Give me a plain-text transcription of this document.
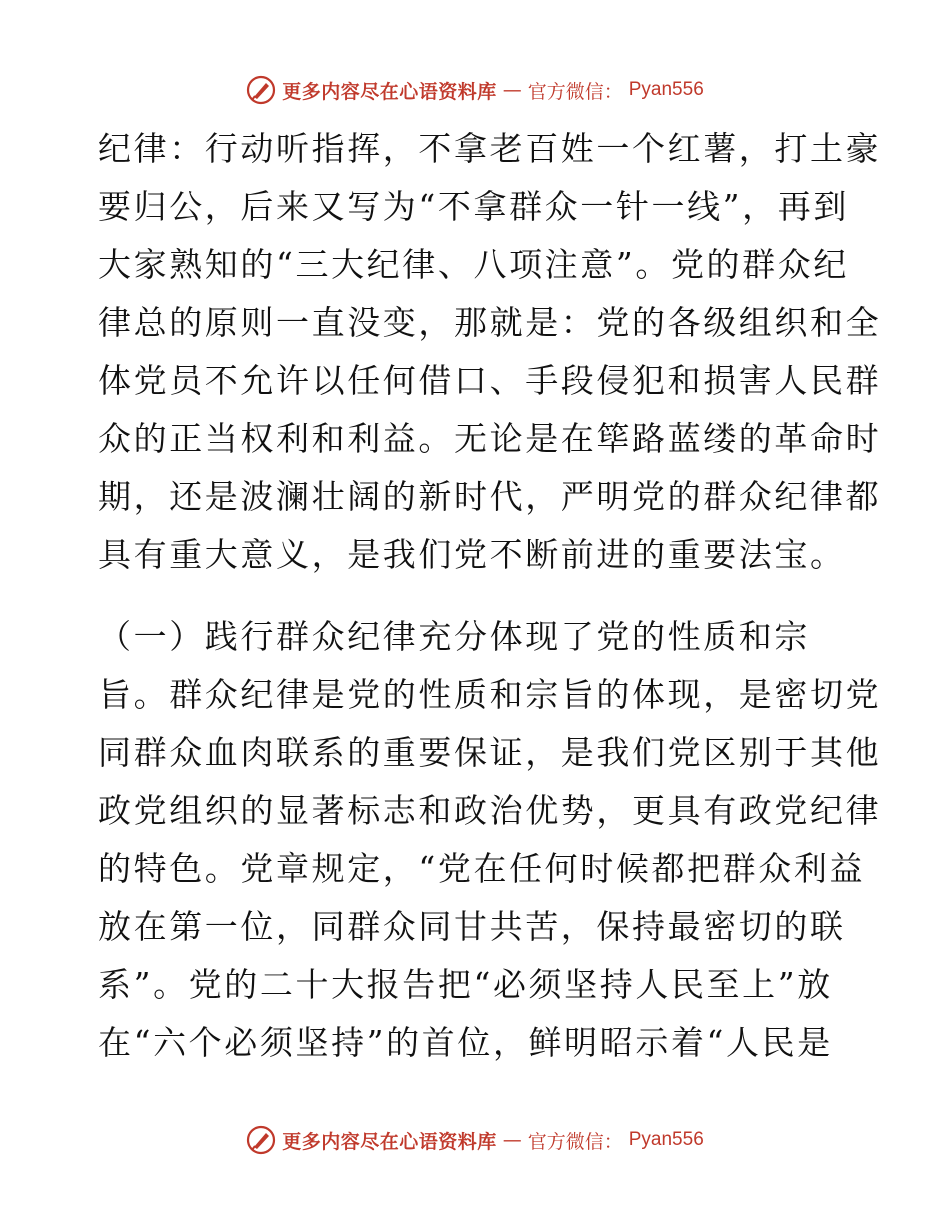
更多内容尽在心语资料库 — 官方微信： Pyan556
纪律：行动听指挥，不拿老百姓一个红薯，打土豪
要归公，后来又写为“不拿群众一针一线”，再到
大家熟知的“三大纪律、八项注意”。党的群众纪
律总的原则一直没变，那就是：党的各级组织和全
体党员不允许以任何借口、手段侵犯和损害人民群
众的正当权利和利益。无论是在筚路蓝缕的革命时
期，还是波澜壮阔的新时代，严明党的群众纪律都
具有重大意义，是我们党不断前进的重要法宝。
（一）践行群众纪律充分体现了党的性质和宗
旨。群众纪律是党的性质和宗旨的体现，是密切党
同群众血肉联系的重要保证，是我们党区别于其他
政党组织的显著标志和政治优势，更具有政党纪律
的特色。党章规定，“党在任何时候都把群众利益
放在第一位，同群众同甘共苦，保持最密切的联
系”。党的二十大报告把“必须坚持人民至上”放
在“六个必须坚持”的首位，鲜明昭示着“人民是
更多内容尽在心语资料库 — 官方微信： Pyan556
